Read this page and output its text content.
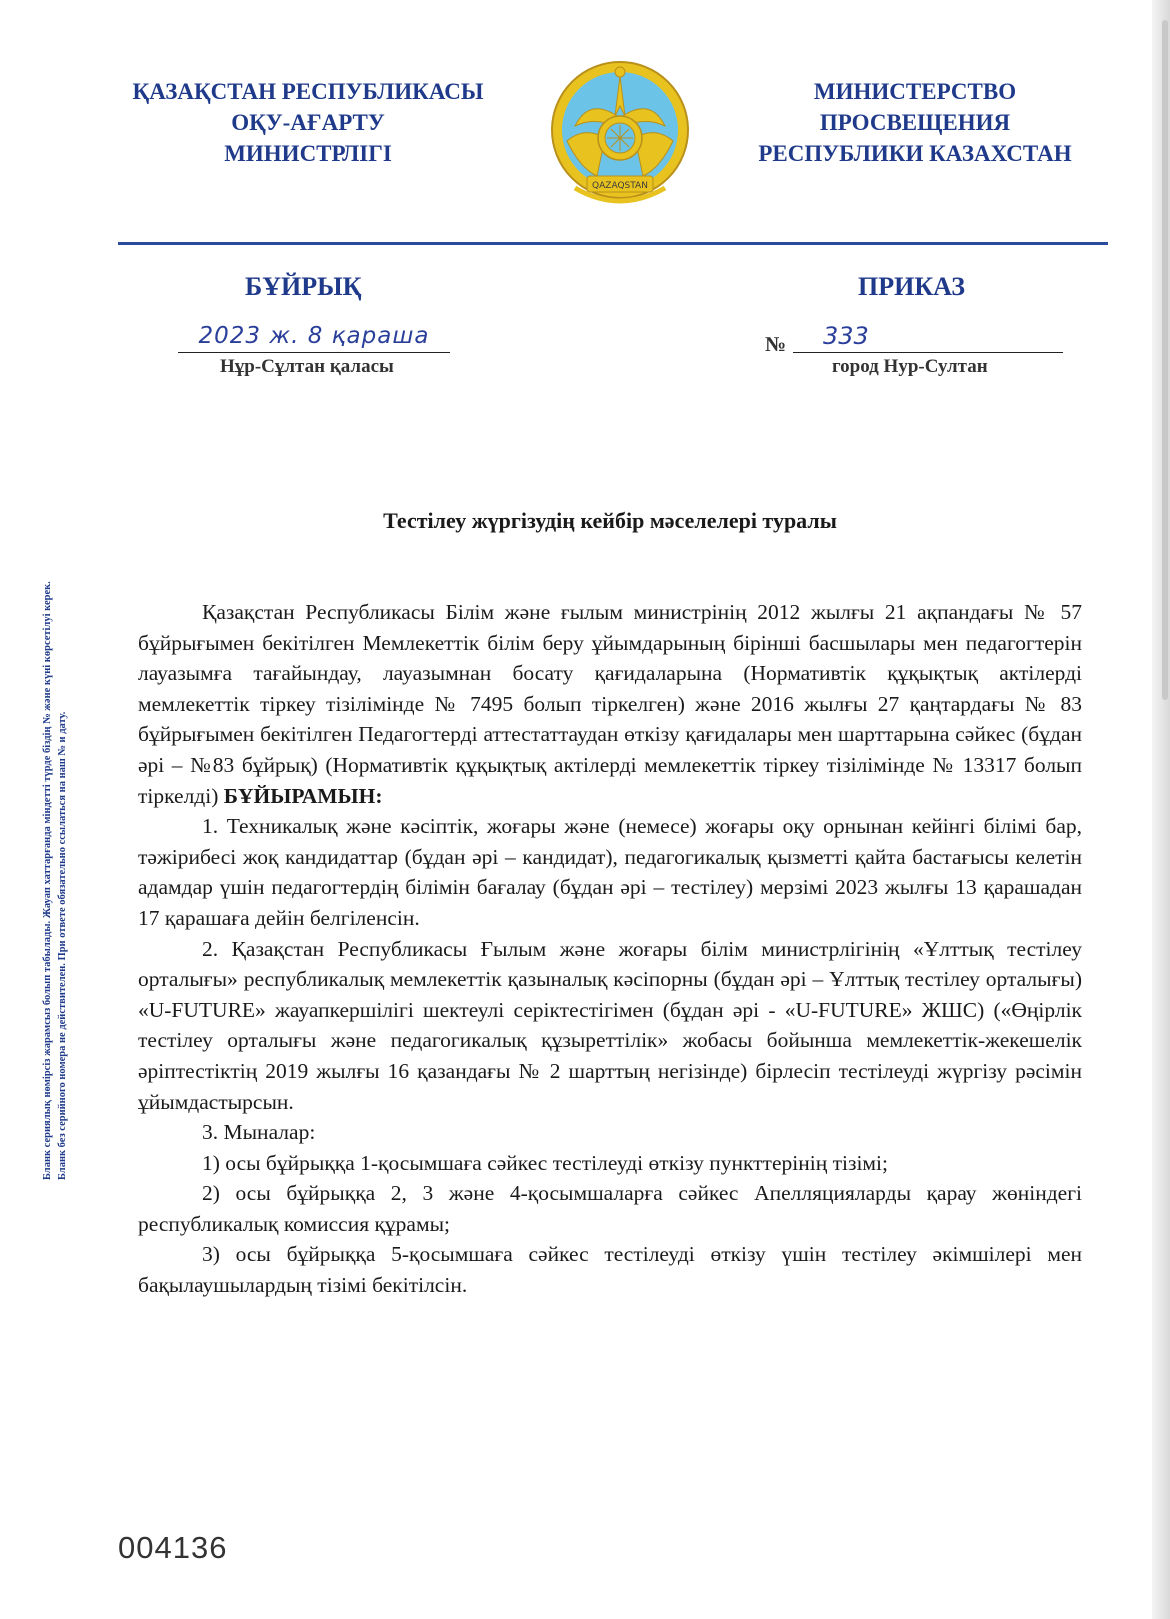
ҚАЗАҚСТАН РЕСПУБЛИКАСЫ
ОҚУ-АҒАРТУ
МИНИСТРЛІГІ
QAZAQSTAN
МИНИСТЕРСТВО
ПРОСВЕЩЕНИЯ
РЕСПУБЛИКИ КАЗАХСТАН
БҰЙРЫҚ	ПРИКАЗ
2023 ж. 8 қараша
Нұр-Сұлтан қаласы
№	333
город Нур-Султан
Бланк сериялық нөмірсіз жарамсыз болып табылады. Жауап хаттарғанда міндетті түрде біздің № және күні көрсетілуі керек. Бланк без серийного номера не действителен. При ответе обязательно ссылаться на наш № и дату.
Тестілеу жүргізудің кейбір мәселелері туралы

Қазақстан Республикасы Білім және ғылым министрінің 2012 жылғы 21 ақпандағы № 57 бұйрығымен бекітілген Мемлекеттік білім беру ұйымдарының бірінші басшылары мен педагогтерін лауазымға тағайындау, лауазымнан босату қағидаларына (Нормативтік құқықтық актілерді мемлекеттік тіркеу тізілімінде № 7495 болып тіркелген) және 2016 жылғы 27 қаңтардағы № 83 бұйрығымен бекітілген Педагогтерді аттестаттаудан өткізу қағидалары мен шарттарына сәйкес (бұдан әрі – №83 бұйрық) (Нормативтік құқықтық актілерді мемлекеттік тіркеу тізілімінде № 13317 болып тіркелді) БҰЙЫРАМЫН:

1. Техникалық және кәсіптік, жоғары және (немесе) жоғары оқу орнынан кейінгі білімі бар, тәжірибесі жоқ кандидаттар (бұдан әрі – кандидат), педагогикалық қызметті қайта бастағысы келетін адамдар үшін педагогтердің білімін бағалау (бұдан әрі – тестілеу) мерзімі 2023 жылғы 13 қарашадан 17 қарашаға дейін белгіленсін.

2. Қазақстан Республикасы Ғылым және жоғары білім министрлігінің «Ұлттық тестілеу орталығы» республикалық мемлекеттік қазыналық кәсіпорны (бұдан әрі – Ұлттық тестілеу орталығы) «U-FUTURE» жауапкершілігі шектеулі серіктестігімен (бұдан әрі - «U-FUTURE» ЖШС) («Өңірлік тестілеу орталығы және педагогикалық құзыреттілік» жобасы бойынша мемлекеттік-жекешелік әріптестіктің 2019 жылғы 16 қазандағы № 2 шарттың негізінде) бірлесіп тестілеуді жүргізу рәсімін ұйымдастырсын.

3. Мыналар:

1) осы бұйрыққа 1-қосымшаға сәйкес тестілеуді өткізу пункттерінің тізімі;

2) осы бұйрыққа 2, 3 және 4-қосымшаларға сәйкес Апелляцияларды қарау жөніндегі республикалық комиссия құрамы;

3) осы бұйрыққа 5-қосымшаға сәйкес тестілеуді өткізу үшін тестілеу әкімшілері мен бақылаушылардың тізімі бекітілсін.

004136
